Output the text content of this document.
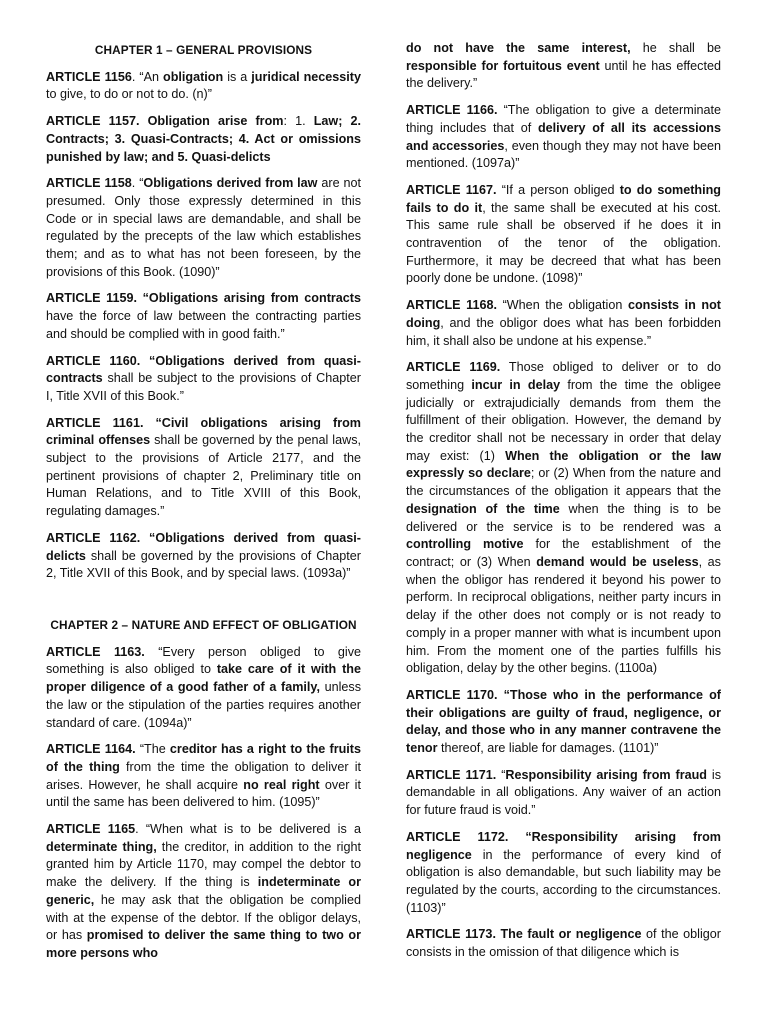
CHAPTER 1 – GENERAL PROVISIONS

ARTICLE 1156. “An obligation is a juridical necessity to give, to do or not to do. (n)”

ARTICLE 1157. Obligation arise from: 1. Law; 2. Contracts; 3. Quasi-Contracts; 4. Act or omissions punished by law; and 5. Quasi-delicts

ARTICLE 1158. “Obligations derived from law are not presumed. Only those expressly determined in this Code or in special laws are demandable, and shall be regulated by the precepts of the law which establishes them; and as to what has not been foreseen, by the provisions of this Book. (1090)”

ARTICLE 1159. “Obligations arising from contracts have the force of law between the contracting parties and should be complied with in good faith.”

ARTICLE 1160. “Obligations derived from quasi-contracts shall be subject to the provisions of Chapter I, Title XVII of this Book.”

ARTICLE 1161. “Civil obligations arising from criminal offenses shall be governed by the penal laws, subject to the provisions of Article 2177, and the pertinent provisions of chapter 2, Preliminary title on Human Relations, and to Title XVIII of this Book, regulating damages.”

ARTICLE 1162. “Obligations derived from quasi-delicts shall be governed by the provisions of Chapter 2, Title XVII of this Book, and by special laws. (1093a)”

CHAPTER 2 – NATURE AND EFFECT OF OBLIGATION

ARTICLE 1163. “Every person obliged to give something is also obliged to take care of it with the proper diligence of a good father of a family, unless the law or the stipulation of the parties requires another standard of care. (1094a)”

ARTICLE 1164. “The creditor has a right to the fruits of the thing from the time the obligation to deliver it arises. However, he shall acquire no real right over it until the same has been delivered to him. (1095)”

ARTICLE 1165. “When what is to be delivered is a determinate thing, the creditor, in addition to the right granted him by Article 1170, may compel the debtor to make the delivery. If the thing is indeterminate or generic, he may ask that the obligation be complied with at the expense of the debtor. If the obligor delays, or has promised to deliver the same thing to two or more persons who

do not have the same interest, he shall be responsible for fortuitous event until he has effected the delivery.”

ARTICLE 1166. “The obligation to give a determinate thing includes that of delivery of all its accessions and accessories, even though they may not have been mentioned. (1097a)”

ARTICLE 1167. “If a person obliged to do something fails to do it, the same shall be executed at his cost. This same rule shall be observed if he does it in contravention of the tenor of the obligation. Furthermore, it may be decreed that what has been poorly done be undone. (1098)”

ARTICLE 1168. “When the obligation consists in not doing, and the obligor does what has been forbidden him, it shall also be undone at his expense.”

ARTICLE 1169. Those obliged to deliver or to do something incur in delay from the time the obligee judicially or extrajudicially demands from them the fulfillment of their obligation. However, the demand by the creditor shall not be necessary in order that delay may exist: (1) When the obligation or the law expressly so declare; or (2) When from the nature and the circumstances of the obligation it appears that the designation of the time when the thing is to be delivered or the service is to be rendered was a controlling motive for the establishment of the contract; or (3) When demand would be useless, as when the obligor has rendered it beyond his power to perform. In reciprocal obligations, neither party incurs in delay if the other does not comply or is not ready to comply in a proper manner with what is incumbent upon him. From the moment one of the parties fulfills his obligation, delay by the other begins. (1100a)

ARTICLE 1170. “Those who in the performance of their obligations are guilty of fraud, negligence, or delay, and those who in any manner contravene the tenor thereof, are liable for damages. (1101)”

ARTICLE 1171. “Responsibility arising from fraud is demandable in all obligations. Any waiver of an action for future fraud is void.”

ARTICLE 1172. “Responsibility arising from negligence in the performance of every kind of obligation is also demandable, but such liability may be regulated by the courts, according to the circumstances. (1103)”

ARTICLE 1173. The fault or negligence of the obligor consists in the omission of that diligence which is
